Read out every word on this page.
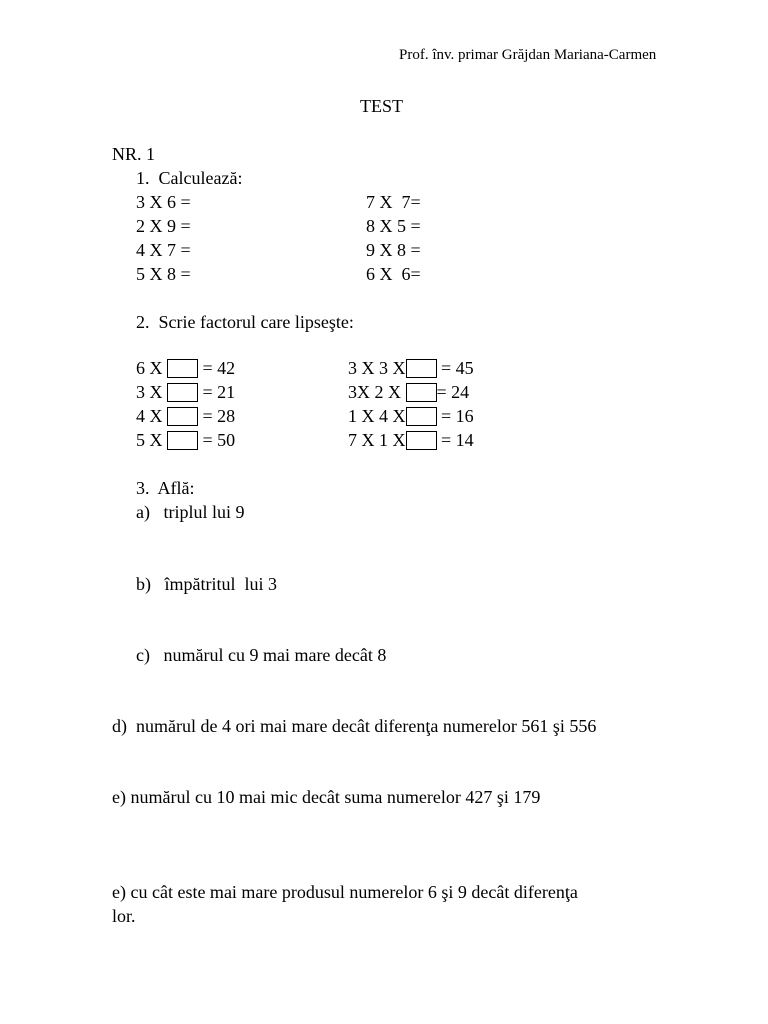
Prof. înv. primar Grăjdan Mariana-Carmen
TEST
NR. 1
1.  Calculează:
3 X 6 =
2 X 9 =
4 X 7 =
5 X 8 =
7 X  7=
8 X 5 =
9 X 8 =
6 X  6=
2.  Scrie factorul care lipseşte:
6 X  = 42
3 X  = 21
4 X  = 28
5 X  = 50
3 X 3 X = 45
3X 2 X = 24
1 X 4 X = 16
7 X 1 X = 14
3.  Află:
a)   triplul lui 9
b)   împătritul  lui 3
c)   numărul cu 9 mai mare decât 8
d)  numărul de 4 ori mai mare decât diferenţa numerelor 561 şi 556
e) numărul cu 10 mai mic decât suma numerelor 427 şi 179
e) cu cât este mai mare produsul numerelor 6 şi 9 decât diferenţa
lor.
